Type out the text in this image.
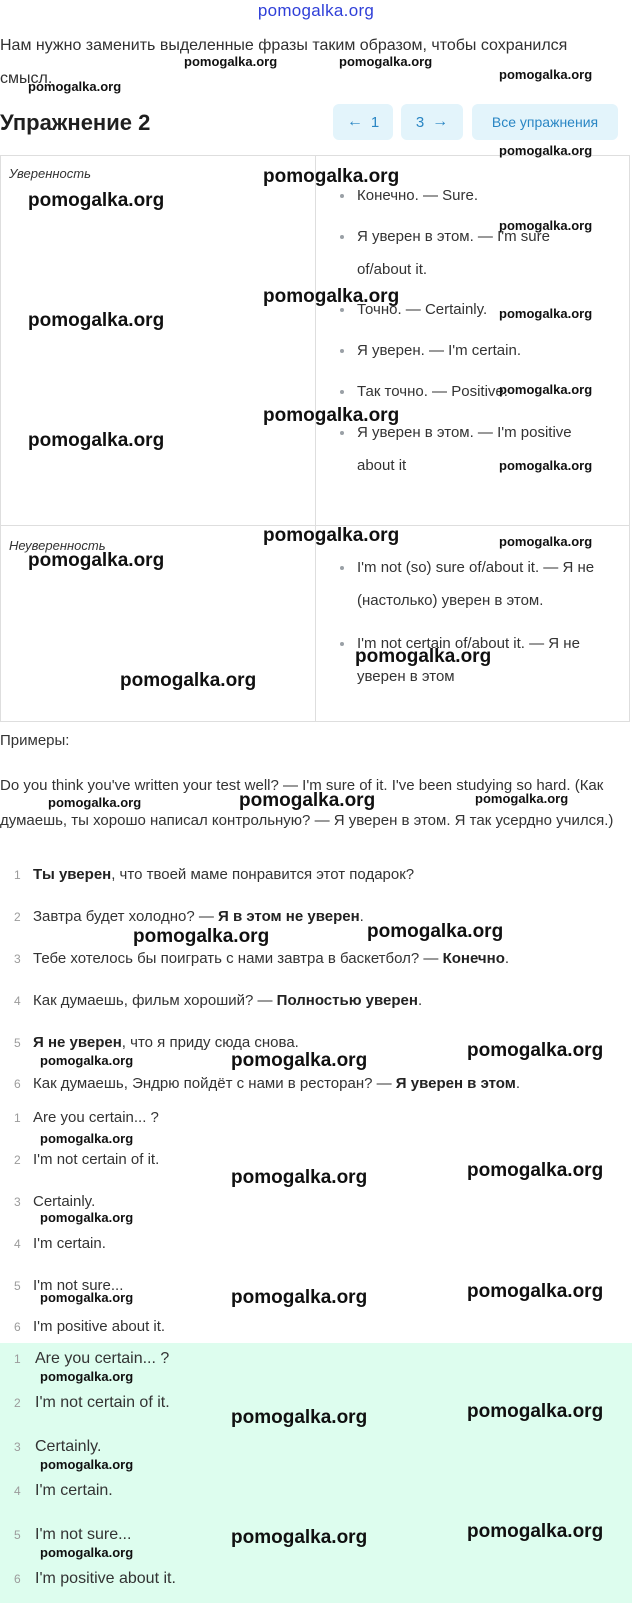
pomogalka.org
Нам нужно заменить выделенные фразы таким образом, чтобы сохранился смысл.
Упражнение 2	← 1 3 →	Все упражнения
Уверенность
Конечно. — Sure.
Я уверен в этом. — I'm sure of/about it.
Точно. — Certainly.
Я уверен. — I'm certain.
Так точно. — Positive.
Я уверен в этом. — I'm positive about it
Неуверенность
I'm not (so) sure of/about it. — Я не (настолько) уверен в этом.
I'm not certain of/about it. — Я не уверен в этом
Примеры:
Do you think you've written your test well? — I'm sure of it. I've been studying so hard. (Как думаешь, ты хорошо написал контрольную? — Я уверен в этом. Я так усердно учился.)
1 Ты уверен, что твоей маме понравится этот подарок?
2 Завтра будет холодно? — Я в этом не уверен.
3 Тебе хотелось бы поиграть с нами завтра в баскетбол? — Конечно.
4 Как думаешь, фильм хороший? — Полностью уверен.
5 Я не уверен, что я приду сюда снова.
6 Как думаешь, Эндрю пойдёт с нами в ресторан? — Я уверен в этом.
1 Are you certain... ?
2 I'm not certain of it.
3 Certainly.
4 I'm certain.
5 I'm not sure...
6 I'm positive about it.
1 Are you certain... ?
2 I'm not certain of it.
3 Certainly.
4 I'm certain.
5 I'm not sure...
6 I'm positive about it.
pomogalka.org	pomogalka.org
pomogalka.org
pomogalka.org
pomogalka.org
pomogalka.org
pomogalka.org
pomogalka.org
pomogalka.org
pomogalka.org
pomogalka.org
pomogalka.org
pomogalka.org
pomogalka.org
pomogalka.org
pomogalka.org	pomogalka.org
pomogalka.org
pomogalka.org
pomogalka.org
pomogalka.org	pomogalka.org	pomogalka.org
pomogalka.org	pomogalka.org
pomogalka.org
pomogalka.org	pomogalka.org
pomogalka.org
pomogalka.org
pomogalka.org
pomogalka.org
pomogalka.org
pomogalka.org	pomogalka.org
pomogalka.org
pomogalka.org
pomogalka.org
pomogalka.org
pomogalka.org
pomogalka.org
pomogalka.org
